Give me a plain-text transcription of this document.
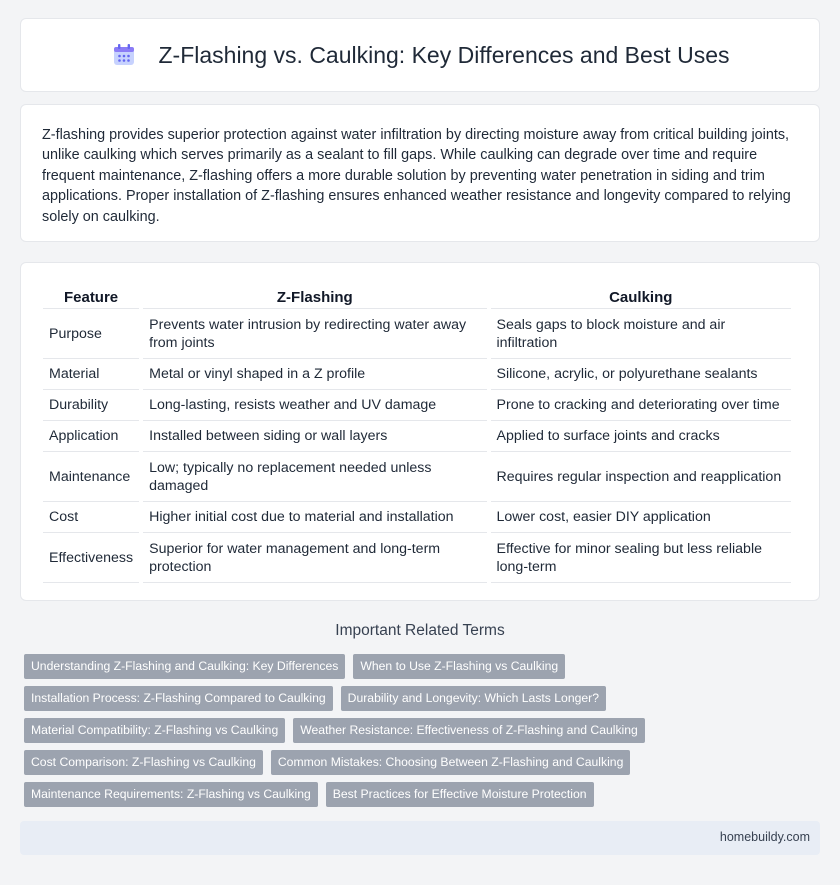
Z-Flashing vs. Caulking: Key Differences and Best Uses

Z-flashing provides superior protection against water infiltration by directing moisture away from critical building joints, unlike caulking which serves primarily as a sealant to fill gaps. While caulking can degrade over time and require frequent maintenance, Z-flashing offers a more durable solution by preventing water penetration in siding and trim applications. Proper installation of Z-flashing ensures enhanced weather resistance and longevity compared to relying solely on caulking.

Feature	Z-Flashing	Caulking
Purpose	Prevents water intrusion by redirecting water away from joints	Seals gaps to block moisture and air infiltration
Material	Metal or vinyl shaped in a Z profile	Silicone, acrylic, or polyurethane sealants
Durability	Long-lasting, resists weather and UV damage	Prone to cracking and deteriorating over time
Application	Installed between siding or wall layers	Applied to surface joints and cracks
Maintenance	Low; typically no replacement needed unless damaged	Requires regular inspection and reapplication
Cost	Higher initial cost due to material and installation	Lower cost, easier DIY application
Effectiveness	Superior for water management and long-term protection	Effective for minor sealing but less reliable long-term
Important Related Terms
Understanding Z-Flashing and Caulking: Key Differences	When to Use Z-Flashing vs Caulking
Installation Process: Z-Flashing Compared to Caulking	Durability and Longevity: Which Lasts Longer?
Material Compatibility: Z-Flashing vs Caulking	Weather Resistance: Effectiveness of Z-Flashing and Caulking
Cost Comparison: Z-Flashing vs Caulking	Common Mistakes: Choosing Between Z-Flashing and Caulking
Maintenance Requirements: Z-Flashing vs Caulking	Best Practices for Effective Moisture Protection
homebuildy.com
